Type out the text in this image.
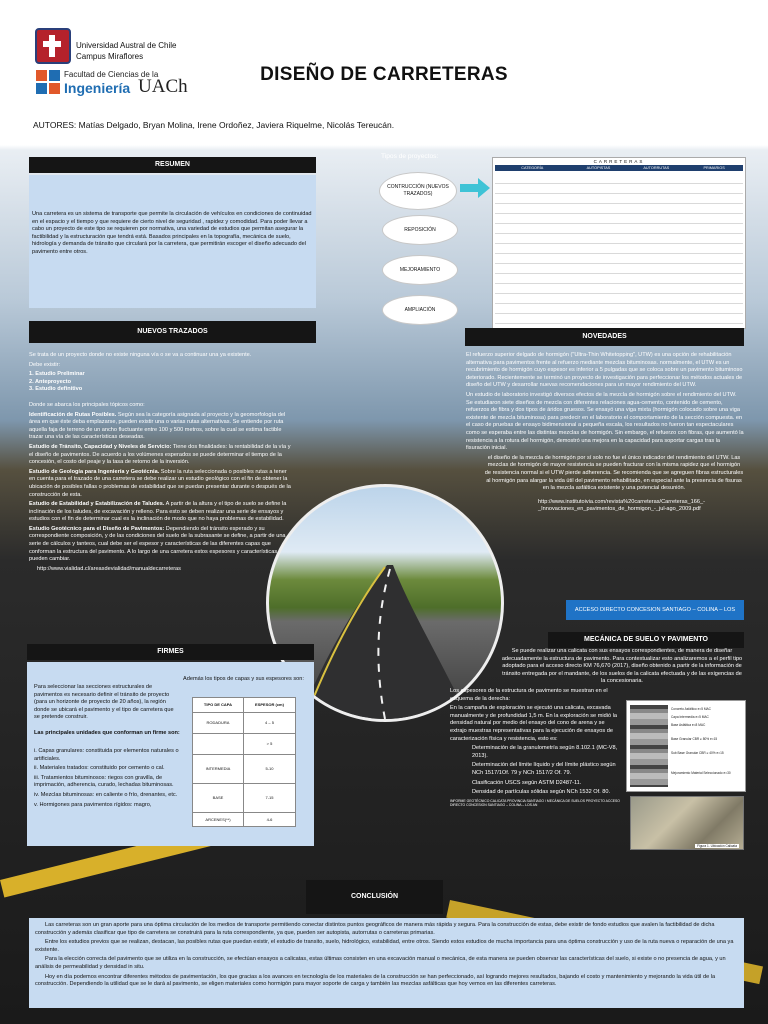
Universidad Austral de Chile
Campus Miraflores
Facultad de Ciencias de la
Ingeniería UACh
DISEÑO DE CARRETERAS
AUTORES: Matías Delgado, Bryan Molina, Irene Ordoñez, Javiera Riquelme, Nicolás Tereucán.
RESUMEN
Una carretera es un sistema de transporte que permite la circulación de vehículos en condiciones de continuidad en el espacio y el tiempo y que requiere de cierto nivel de seguridad , rapidez y comodidad. Para poder llevar a cabo un proyecto de este tipo se requieren por normativa, una variedad de estudios que permitan asegurar la factibilidad y la estructuración que tendrá está. Basados principales en la topografía, mecánica de suelo, hidrología y demanda de tránsito que circulará por la carretera, que permitirán escoger el diseño adecuado del pavimento entre otros.
Tipos de proyectos:
CONTRUCCIÓN (NUEVOS TRAZADOS)
REPOSICIÓN
MEJORAMIENTO
AMPLIACIÓN
CARRETERAS
CATEGORÍA	AUTOPISTAS	AUTORRUTAS	PRIMARIOS
NUEVOS TRAZADOS

Se trata de un proyecto donde no existe ninguna vía o se va a continuar una ya existente.

Debe existir:

1. Estudio Preliminar

2. Anteproyecto

3. Estudio definitivo

Donde se abarca los principales tópicos como:

Identificación de Rutas Posibles. Según sea la categoría asignada al proyecto y la geomorfología del área en que éste deba emplazarse, pueden existir una o varias rutas alternativas. Se entiende por ruta aquella faja de terreno de un ancho fluctuante entre 100 y 500 metros, sobre la cual se estima factible trazar una vía de las características deseadas.

Estudio de Tránsito, Capacidad y Niveles de Servicio: Tiene dos finalidades: la rentabilidad de la vía y el diseño de pavimentos. De acuerdo a los volúmenes esperados se puede determinar el tiempo de la concesión, el costo del peaje y la tasa de retorno de la inversión.

Estudio de Geología para Ingeniería y Geotécnia. Sobre la ruta seleccionada o posibles rutas a tener en cuenta para el trazado de una carretera se debe realizar un estudio geológico con el fin de obtener la ubicación de posibles fallas o problemas de estabilidad que se puedan presentar durante o después de la construcción de esta.

Estudio de Estabilidad y Estabilización de Taludes. A partir de la altura y el tipo de suelo se define la inclinación de los taludes, de excavación y relleno. Para esto se deben realizar una serie de ensayos y estudios con el fin de determinar cual es la inclinación de modo que no haya problemas de estabilidad.

Estudio Geotécnico para el Diseño de Pavimentos: Dependiendo del tránsito esperado y su correspondiente composición, y de las condiciones del suelo de la subrasante se define, a partir de una serie de cálculos y tanteos, cual debe ser el espesor y características de las diferentes capas que conforman la estructura del pavimento. A lo largo de una carretera estos espesores y características pueden cambiar.

http://www.vialidad.cl/areasdevialidad/manualdecarreteras

FIRMES
Para seleccionar las secciones estructurales de pavimentos es necesario definir el tránsito de proyecto (para un horizonte de proyecto de 20 años), la región donde se ubicará el pavimento y el tipo de carretera que se pretende construir.
Las principales unidades que conforman un firme son:
i. Capas granulares: constituida por elementos naturales o artificiales.
ii. Materiales tratados: constituido por cemento o cal.
iii. Tratamientos bituminosos: riegos con gravilla, de imprimación, adherencia, curado, lechadas bituminosas.
iv. Mezclas bituminosas: en caliente o frío, drenantes, etc.
v. Hormigones para pavimentos rígidos: magro,
Además los tipos de capas y sus espesores son:
TIPO DE CAPA	ESPESOR (cm)
RODADURA	4 – 5
	> 5
INTERMEDIA	5-10
BASE	7-15
ARCENES(**)	4-6
NOVEDADES

El refuerzo superior delgado de hormigón ("Ultra-Thin Whitetopping", UTW) es una opción de rehabilitación alternativa para pavimentos frente al refuerzo mediante mezclas bituminosas. normalmente, el UTW es un recubrimiento de hormigón cuyo espesor es inferior a 5 pulgadas que se coloca sobre un pavimento bituminoso deteriorado. Recientemente se terminó un proyecto de investigación para perfeccionar los métodos actuales de diseño del UTW y desarrollar nuevas recomendaciones para un mayor rendimiento del UTW.

Un estudio de laboratorio investigó diversos efectos de la mezcla de hormigón sobre el rendimiento del UTW. Se estudiaron siete diseños de mezcla con diferentes relaciones agua-cemento, contenido de cemento, refuerzos de fibra y dos tipos de áridos gruesos. Se ensayó una viga mixta (hormigón colocado sobre una viga existente de mezcla bituminosa) para predecir en el laboratorio el comportamiento de la sección compuesta. en el caso de pruebas de ensayo bidimensional a pequeña escala, los resultados no fueron tan espectaculares como se esperaba entre las distintas mezclas de hormigón. Sin embargo, el refuerzo con fibras, que aumentó la resistencia a la rotura del hormigón, demostró una mejora en la capacidad para soportar cargas tras la fisuración inicial.

el diseño de la mezcla de hormigón por sí solo no fue el único indicador del rendimiento del UTW. Las mezclas de hormigón de mayor resistencia se pueden fracturar con la misma rapidez que el hormigón de resistencia normal si el UTW pierde adherencia. Se recomienda que se agreguen fibras estructurales al hormigón para alargar la vida útil del pavimento rehabilitado, en especial ante la presencia de fisuras en la mezcla asfáltica existente y una potencial desunión.

http://www.institutoivia.com/revista%20carreteras/Carreteras_166_-_Innovaciones_en_pavimentos_de_hormigon_-_jul-ago_2009.pdf

ACCESO DIRECTO CONCESION SANTIAGO – COLINA – LOS
MECÁNICA DE SUELO Y PAVIMENTO

Se puede realizar una calicata con sus ensayos correspondientes, de manera de diseñar adecuadamente la estructura de pavimento. Para contextualizar esto analizaremos a el perfil tipo adoptado para el acceso directo KM 76,670 (2017), diseño obtenido a partir de la información de tránsito entregada por el mandante, de los suelos de la calicata efectuada y de las exigencias de la concesionaria.

Los espesores de la estructura de pavimento se muestran en el esquema de la derecha:

En la campaña de exploración se ejecutó una calicata, excavada manualmente y de profundidad 1,5 m. En la exploración se midió la densidad natural por medio del ensayo del cono de arena y se extrajo muestras representativas para la ejecución de ensayos de caracterización física y resistencia, esto es:

Determinación de la granulometría según 8.102.1 (MC-V8, 2013).

Determinación del límite líquido y del límite plástico según NCh 1517/1Of. 79 y NCh 1517/2 Of. 79.

Clasificación USCS según ASTM D2487-11.

Densidad de partículas sólidas según NCh 1532 Of. 80.

INFORME GEOTÉCNICO CALICATA PROVINCIA SANTIAGO / MECÁNICA DE SUELOS PROYECTO ACCESO DIRECTO CONCESION SANTIAGO – COLINA – LOS AN

Concreto Asfáltico e=5 MAC
Capa Intermedia e=5 MAC
Base Asfáltica e=8 MAC
Base Granular CBR ≥ 80% e=15
Sub Base Granular CBR ≥ 40% e=15
Mejoramiento Material Seleccionado e=30
Figura 1. Ubicación Calicata
CONCLUSIÓN

Las carreteras son un gran aporte para una óptima circulación de los medios de transporte permitiendo conectar distintos puntos geográficos de manera más rápida y segura. Para la construcción de estas, debe existir de fondo estudios que avalen la factibilidad de dicha construcción y además clasificar que tipo de carretera se construirá para la ruta correspondiente, ya que, pueden ser autopista, autorrutas o carreteras primarias.

Entre los estudios previos que se realizan, destacan, las posibles rutas que puedan existir, el estudio de transito, suelo, hidrológico, estabilidad, entre otros. Siendo estos estudios de mucha importancia para una óptima construcción y uso de la ruta nueva o reparación de una ya existente.

Para la elección correcta del pavimento que se utiliza en la construcción, se efectúan ensayos a calicatas, estas últimas consisten en una excavación manual o mecánica, de esta manera se pueden observar las características del suelo, si existe o no presencia de agua, y un análisis de permeabilidad y densidad in situ.

Hoy en día podemos encontrar diferentes métodos de pavimentación, los que gracias a los avances en tecnología de los materiales de la construcción se han perfeccionado, así logrando mejores resultados, bajando el costo y mantenimiento y mejorando la vida útil de la construcción. Dependiendo la utilidad que se le dará al pavimento, se eligen materiales como hormigón para mayor soporte de carga y también las mezclas asfálticas que hoy vemos en las diferentes carreteras.
